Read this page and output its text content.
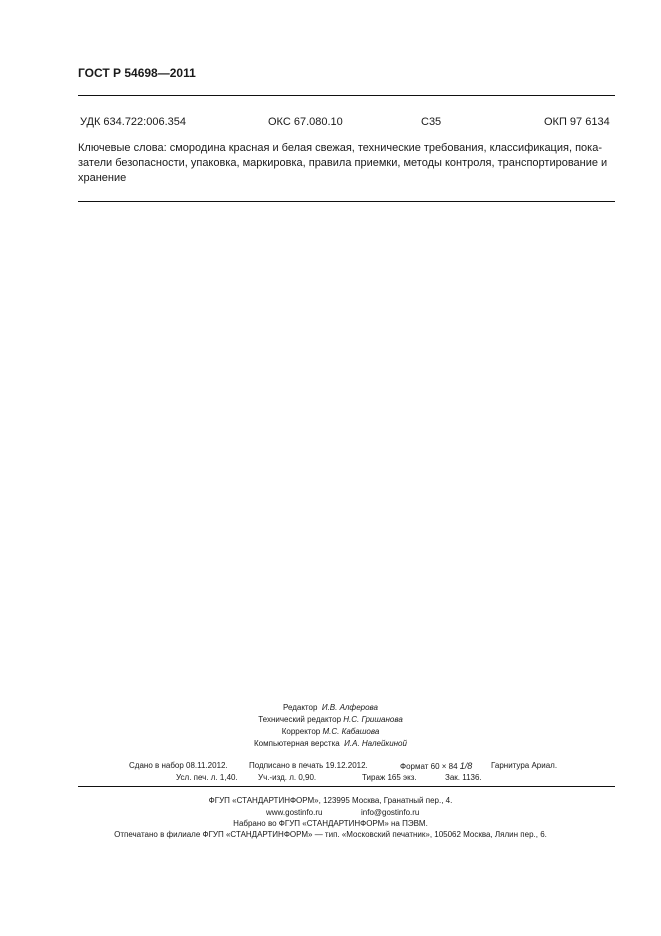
ГОСТ Р 54698—2011
УДК 634.722:006.354	ОКС 67.080.10	С35	ОКП 97 6134
Ключевые слова: смородина красная и белая свежая, технические требования, классификация, пока-
затели безопасности, упаковка, маркировка, правила приемки, методы контроля, транспортирование и
хранение
Редактор И.В. Алферова
Технический редактор Н.С. Гришанова
Корректор М.С. Кабашова
Компьютерная верстка И.А. Налейкиной
Сдано в набор 08.11.2012.	Подписано в печать 19.12.2012.	Формат 60 × 84 1/8 Гарнитура Ариал.
Усл. печ. л. 1,40.	Уч.-изд. л. 0,90.	Тираж 165 экз.	Зак. 1136.
ФГУП «СТАНДАРТИНФОРМ», 123995 Москва, Гранатный пер., 4.
www.gostinfo.ru	info@gostinfo.ru
Набрано во ФГУП «СТАНДАРТИНФОРМ» на ПЭВМ.
Отпечатано в филиале ФГУП «СТАНДАРТИНФОРМ» — тип. «Московский печатник», 105062 Москва, Лялин пер., 6.
